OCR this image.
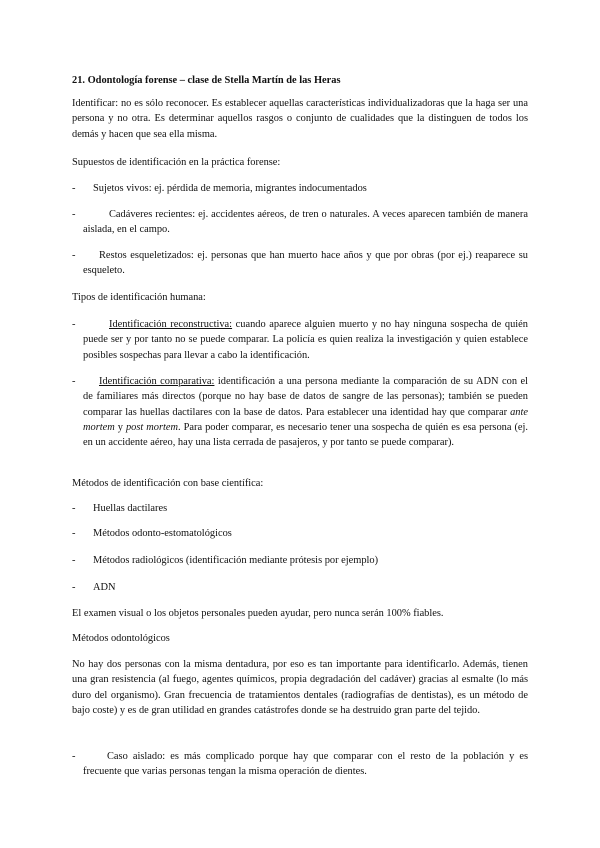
21. Odontología forense – clase de Stella Martín de las Heras
Identificar: no es sólo reconocer. Es establecer aquellas características individualizadoras que la haga ser una persona y no otra. Es determinar aquellos rasgos o conjunto de cualidades que la distinguen de todos los demás y hacen que sea ella misma.
Supuestos de identificación en la práctica forense:
-	Sujetos vivos: ej. pérdida de memoria, migrantes indocumentados
-	Cadáveres recientes: ej. accidentes aéreos, de tren o naturales. A veces aparecen también de manera aislada, en el campo.
-	Restos esqueletizados: ej. personas que han muerto hace años y que por obras (por ej.) reaparece su esqueleto.
Tipos de identificación humana:
-	Identificación reconstructiva: cuando aparece alguien muerto y no hay ninguna sospecha de quién puede ser y por tanto no se puede comparar. La policía es quien realiza la investigación y quien establece posibles sospechas para llevar a cabo la identificación.
-	Identificación comparativa: identificación a una persona mediante la comparación de su ADN con el de familiares más directos (porque no hay base de datos de sangre de las personas); también se pueden comparar las huellas dactilares con la base de datos. Para establecer una identidad hay que comparar ante mortem y post mortem. Para poder comparar, es necesario tener una sospecha de quién es esa persona (ej. en un accidente aéreo, hay una lista cerrada de pasajeros, y por tanto se puede comparar).
Métodos de identificación con base científica:
-	Huellas dactilares
-	Métodos odonto-estomatológicos
-	Métodos radiológicos (identificación mediante prótesis por ejemplo)
-	ADN
El examen visual o los objetos personales pueden ayudar, pero nunca serán 100% fiables.
Métodos odontológicos
No hay dos personas con la misma dentadura, por eso es tan importante para identificarlo. Además, tienen una gran resistencia (al fuego, agentes químicos, propia degradación del cadáver) gracias al esmalte (lo más duro del organismo). Gran frecuencia de tratamientos dentales (radiografías de dentistas), es un método de bajo coste) y es de gran utilidad en grandes catástrofes donde se ha destruido gran parte del tejido.
-	Caso aislado: es más complicado porque hay que comparar con el resto de la población y es frecuente que varias personas tengan la misma operación de dientes.
